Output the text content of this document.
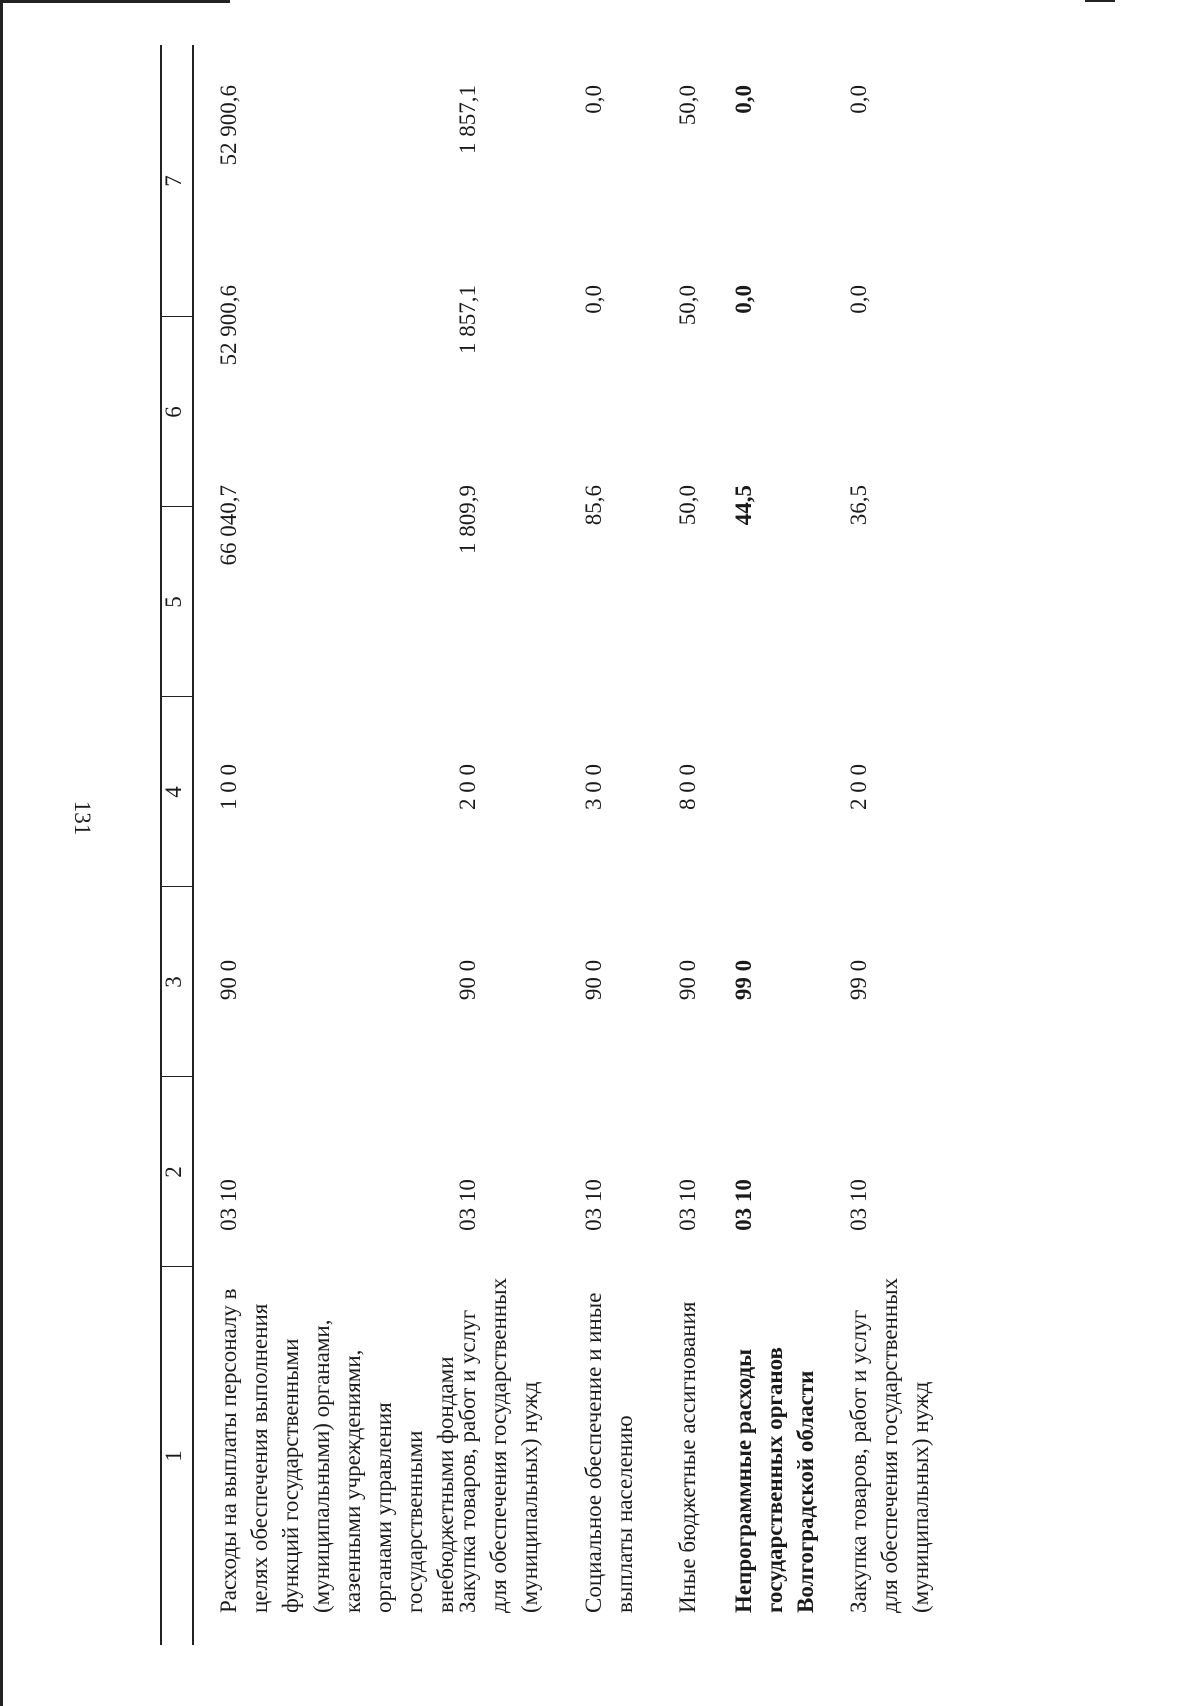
131
1
2
3
4
5
6
7
Расходы на выплаты персоналу в целях обеспечения выполнения функций государственными (муниципальными) органами, казенными учреждениями, органами управления государственными внебюджетными фондами
03 10
90 0
1 0 0
66 040,7
52 900,6
52 900,6
Закупка товаров, работ и услуг для обеспечения государственных (муниципальных) нужд
03 10
90 0
2 0 0
1 809,9
1 857,1
1 857,1
Социальное обеспечение и иные выплаты населению
03 10
90 0
3 0 0
85,6
0,0
0,0
Иные бюджетные ассигнования
03 10
90 0
8 0 0
50,0
50,0
50,0
Непрограммные расходы государственных органов Волгоградской области
03 10
99 0
44,5
0,0
0,0
Закупка товаров, работ и услуг для обеспечения государственных (муниципальных) нужд
03 10
99 0
2 0 0
36,5
0,0
0,0
